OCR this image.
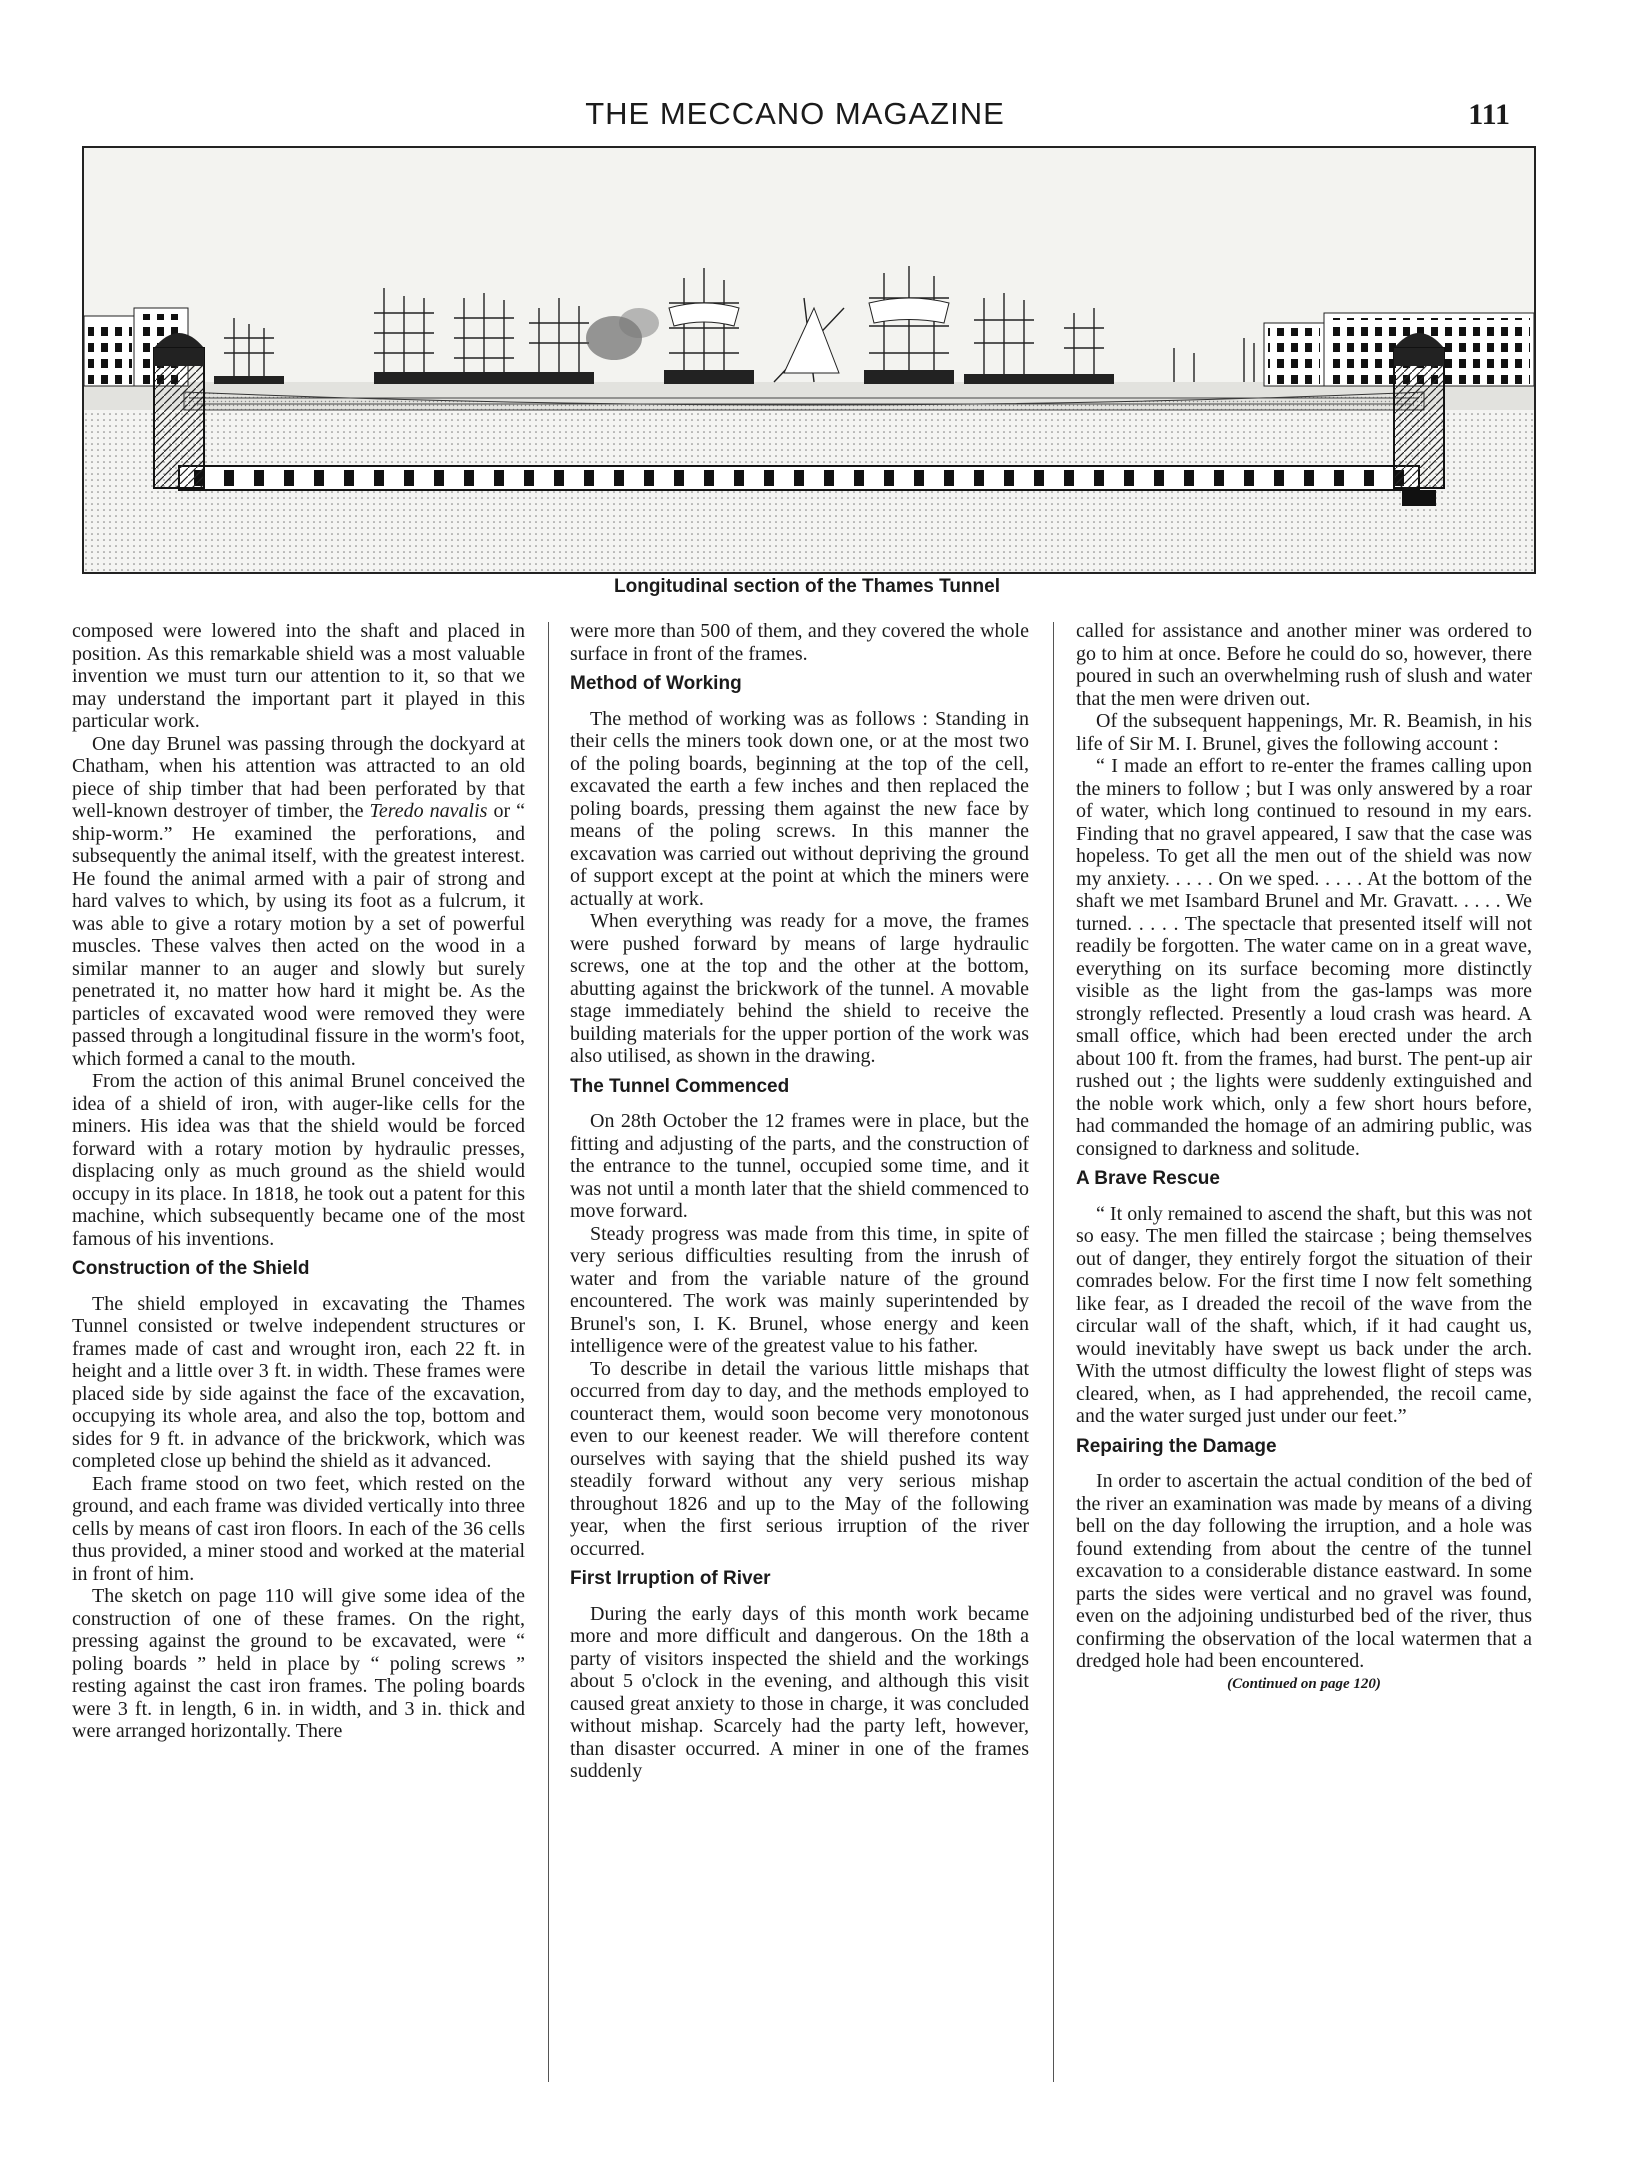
THE MECCANO MAGAZINE	111
Longitudinal section of the Thames Tunnel

composed were lowered into the shaft and placed in position. As this remarkable shield was a most valuable invention we must turn our attention to it, so that we may understand the important part it played in this particular work.

One day Brunel was passing through the dockyard at Chatham, when his attention was attracted to an old piece of ship timber that had been perforated by that well-known destroyer of timber, the Teredo navalis or “ ship-worm.” He examined the perforations, and subsequently the animal itself, with the greatest interest. He found the animal armed with a pair of strong and hard valves to which, by using its foot as a fulcrum, it was able to give a rotary motion by a set of powerful muscles. These valves then acted on the wood in a similar manner to an auger and slowly but surely penetrated it, no matter how hard it might be. As the particles of excavated wood were removed they were passed through a longitudinal fissure in the worm's foot, which formed a canal to the mouth.

From the action of this animal Brunel conceived the idea of a shield of iron, with auger-like cells for the miners. His idea was that the shield would be forced forward with a rotary motion by hydraulic presses, displacing only as much ground as the shield would occupy in its place. In 1818, he took out a patent for this machine, which subsequently became one of the most famous of his inventions.

Construction of the Shield

The shield employed in excavating the Thames Tunnel consisted or twelve independent structures or frames made of cast and wrought iron, each 22 ft. in height and a little over 3 ft. in width. These frames were placed side by side against the face of the excavation, occupying its whole area, and also the top, bottom and sides for 9 ft. in advance of the brickwork, which was completed close up behind the shield as it advanced.

Each frame stood on two feet, which rested on the ground, and each frame was divided vertically into three cells by means of cast iron floors. In each of the 36 cells thus provided, a miner stood and worked at the material in front of him.

The sketch on page 110 will give some idea of the construction of one of these frames. On the right, pressing against the ground to be excavated, were “ poling boards ” held in place by “ poling screws ” resting against the cast iron frames. The poling boards were 3 ft. in length, 6 in. in width, and 3 in. thick and were arranged horizontally. There

were more than 500 of them, and they covered the whole surface in front of the frames.

Method of Working

The method of working was as follows : Standing in their cells the miners took down one, or at the most two of the poling boards, beginning at the top of the cell, excavated the earth a few inches and then replaced the poling boards, pressing them against the new face by means of the poling screws. In this manner the excavation was carried out without depriving the ground of support except at the point at which the miners were actually at work.

When everything was ready for a move, the frames were pushed forward by means of large hydraulic screws, one at the top and the other at the bottom, abutting against the brickwork of the tunnel. A movable stage immediately behind the shield to receive the building materials for the upper portion of the work was also utilised, as shown in the drawing.

The Tunnel Commenced

On 28th October the 12 frames were in place, but the fitting and adjusting of the parts, and the construction of the entrance to the tunnel, occupied some time, and it was not until a month later that the shield commenced to move forward.

Steady progress was made from this time, in spite of very serious difficulties resulting from the inrush of water and from the variable nature of the ground encountered. The work was mainly superintended by Brunel's son, I. K. Brunel, whose energy and keen intelligence were of the greatest value to his father.

To describe in detail the various little mishaps that occurred from day to day, and the methods employed to counteract them, would soon become very monotonous even to our keenest reader. We will therefore content ourselves with saying that the shield pushed its way steadily forward without any very serious mishap throughout 1826 and up to the May of the following year, when the first serious irruption of the river occurred.

First Irruption of River

During the early days of this month work became more and more difficult and dangerous. On the 18th a party of visitors inspected the shield and the workings about 5 o'clock in the evening, and although this visit caused great anxiety to those in charge, it was concluded without mishap. Scarcely had the party left, however, than disaster occurred. A miner in one of the frames suddenly

called for assistance and another miner was ordered to go to him at once. Before he could do so, however, there poured in such an overwhelming rush of slush and water that the men were driven out.

Of the subsequent happenings, Mr. R. Beamish, in his life of Sir M. I. Brunel, gives the following account :

“ I made an effort to re-enter the frames calling upon the miners to follow ; but I was only answered by a roar of water, which long continued to resound in my ears. Finding that no gravel appeared, I saw that the case was hopeless. To get all the men out of the shield was now my anxiety. . . . . On we sped. . . . . At the bottom of the shaft we met Isambard Brunel and Mr. Gravatt. . . . . We turned. . . . . The spectacle that presented itself will not readily be forgotten. The water came on in a great wave, everything on its surface becoming more distinctly visible as the light from the gas-lamps was more strongly reflected. Presently a loud crash was heard. A small office, which had been erected under the arch about 100 ft. from the frames, had burst. The pent-up air rushed out ; the lights were suddenly extinguished and the noble work which, only a few short hours before, had commanded the homage of an admiring public, was consigned to darkness and solitude.

A Brave Rescue

“ It only remained to ascend the shaft, but this was not so easy. The men filled the staircase ; being themselves out of danger, they entirely forgot the situation of their comrades below. For the first time I now felt something like fear, as I dreaded the recoil of the wave from the circular wall of the shaft, which, if it had caught us, would inevitably have swept us back under the arch. With the utmost difficulty the lowest flight of steps was cleared, when, as I had apprehended, the recoil came, and the water surged just under our feet.”

Repairing the Damage

In order to ascertain the actual condition of the bed of the river an examination was made by means of a diving bell on the day following the irruption, and a hole was found extending from about the centre of the tunnel excavation to a considerable distance eastward. In some parts the sides were vertical and no gravel was found, even on the adjoining undisturbed bed of the river, thus confirming the observation of the local watermen that a dredged hole had been encountered.

(Continued on page 120)
